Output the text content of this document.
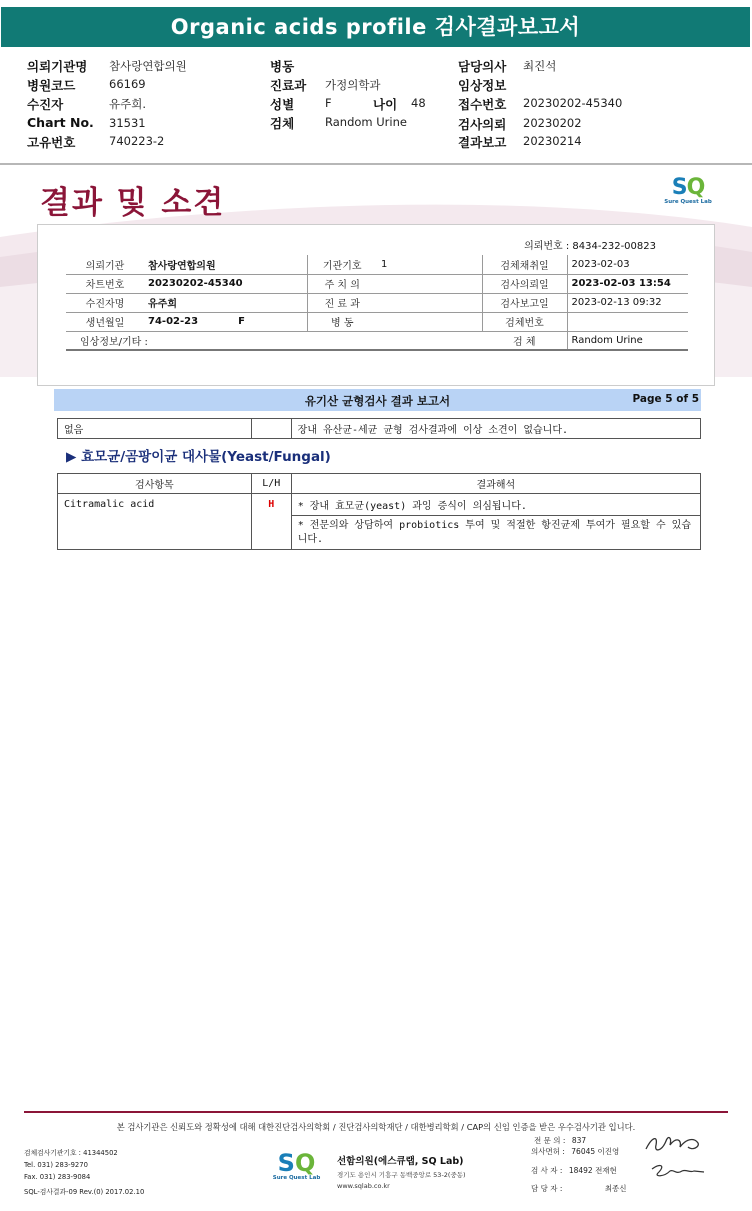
Organic acids profile 검사결과보고서
의뢰기관명 참사랑연합의원
병원코드	66169
수진자	유주희.
Chart No. 31531
고유번호	740223-2
병동
진료과 가정의학과
성별	F	나이 48
검체	Random Urine
담당의사 최진석
임상정보
접수번호 20230202-45340
검사의뢰 20230202
결과보고 20230214
결과 및 소견	SQ
Sure Quest Lab
의뢰번호 : 8434-232-00823
의뢰기관	참사랑연합의원	기관기호	1	검체채취일	2023-02-03
차트번호	20230202-45340	주 치 의		검사의뢰일	2023-02-03 13:54
수진자명	유주희	진 료 과		검사보고일	2023-02-13 09:32
생년월일	74-02-23 F	병 동		검체번호	
임상정보/기타 :				검 체	Random Urine
유기산 균형검사 결과 보고서	Page 5 of 5
없음		장내 유산균-세균 균형 검사결과에 이상 소견이 없습니다.
▶ 효모균/곰팡이균 대사물(Yeast/Fungal)
검사항목	L/H	결과해석
Citramalic acid	H	* 장내 효모균(yeast) 과잉 증식이 의심됩니다.
		* 전문의와 상담하여 probiotics 투여 및 적절한 항진균제 투여가 필요할 수 있습니다.
본 검사기관은 신뢰도와 정확성에 대해 대한진단검사의학회 / 진단검사의학재단 / 대한병리학회 / CAP의 신임 인증을 받은 우수검사기관 입니다.
검체검사기관기호 : 41344502
Tel. 031) 283-9270
Fax. 031) 283-9084
SQL-검사결과-09 Rev.(0) 2017.02.10
SQ
Sure Quest Lab
선함의원(에스큐랩, SQ Lab)
경기도 용인시 기흥구 동백중앙로 53-2(중동)
www.sqlab.co.kr
전 문 의 : 837
의사면허 : 76045 이진영
검 사 자 : 18492 전재현
담 당 자 :	최종신
